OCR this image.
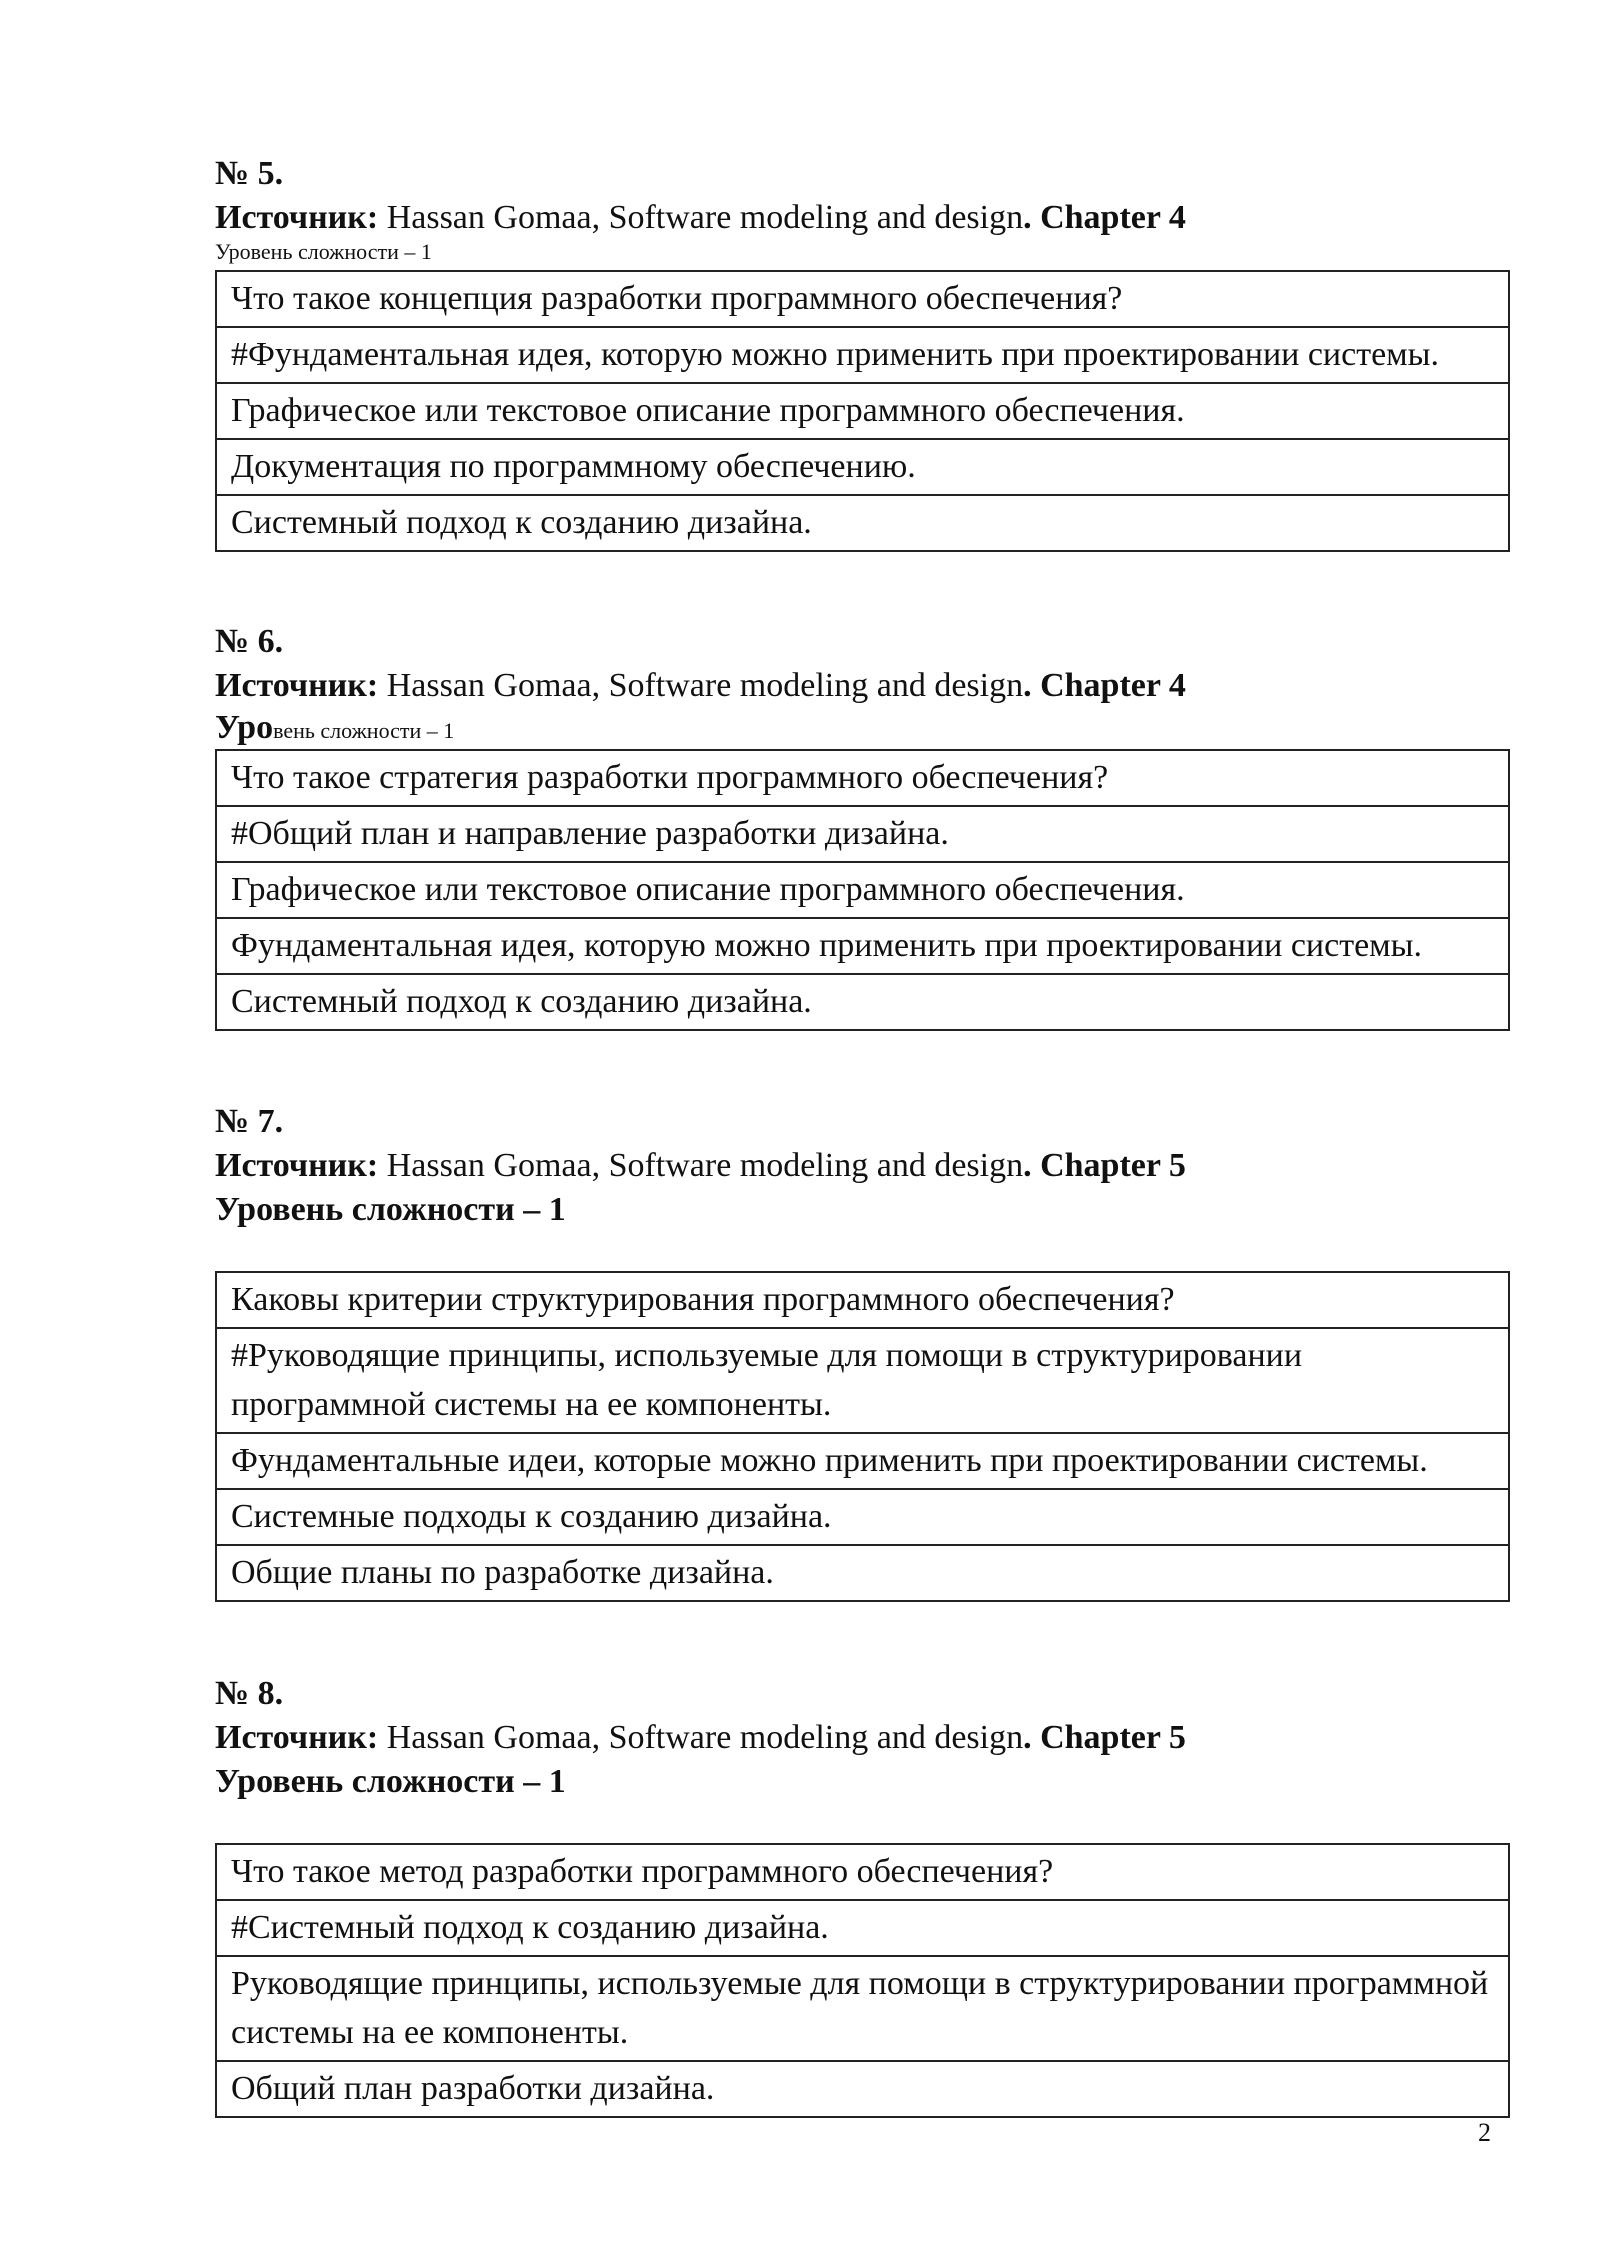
№ 5.
Источник: Hassan Gomaa, Software modeling and design. Chapter 4
Уровень сложности – 1
Что такое концепция разработки программного обеспечения?
#Фундаментальная идея, которую можно применить при проектировании системы.
Графическое или текстовое описание программного обеспечения.
Документация по программному обеспечению.
Системный подход к созданию дизайна.
№ 6.
Источник: Hassan Gomaa, Software modeling and design. Chapter 4
Уровень сложности – 1
Что такое стратегия разработки программного обеспечения?
#Общий план и направление разработки дизайна.
Графическое или текстовое описание программного обеспечения.
Фундаментальная идея, которую можно применить при проектировании системы.
Системный подход к созданию дизайна.
№ 7.
Источник: Hassan Gomaa, Software modeling and design. Chapter 5
Уровень сложности – 1
Каковы критерии структурирования программного обеспечения?
#Руководящие принципы, используемые для помощи в структурировании программной системы на ее компоненты.
Фундаментальные идеи, которые можно применить при проектировании системы.
Системные подходы к созданию дизайна.
Общие планы по разработке дизайна.
№ 8.
Источник: Hassan Gomaa, Software modeling and design. Chapter 5
Уровень сложности – 1
Что такое метод разработки программного обеспечения?
#Системный подход к созданию дизайна.
Руководящие принципы, используемые для помощи в структурировании программной системы на ее компоненты.
Общий план разработки дизайна.
2
